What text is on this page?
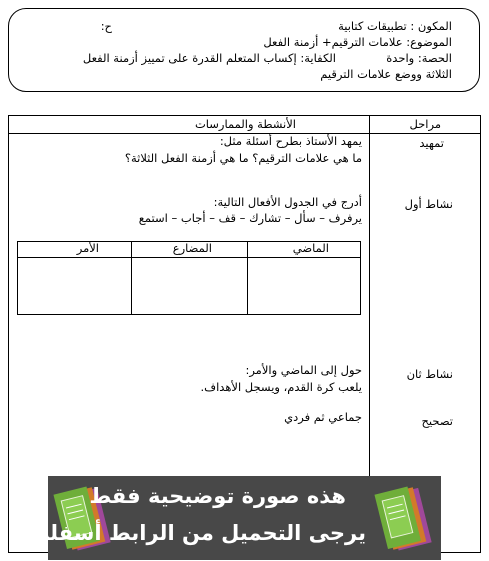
المكون : تطبيقات كتابية
ح:
الموضوع: علامات الترقيم+ أزمنة الفعل
الحصة: واحدة
الكفاية: إكساب المتعلم القدرة على تمييز أزمنة الفعل
الثلاثة ووضع علامات الترقيم
مراحل
الأنشطة والممارسات
تمهيد
يمهد الأستاذ بطرح أسئلة مثل:
ما هي علامات الترقيم؟ ما هي أزمنة الفعل الثلاثة؟
نشاط أول
أدرج في الجدول الأفعال التالية:
يرفرف – سأل – تشارك – قف – أجاب – استمع
الماضي
المضارع
الأمر
نشاط ثان
حول إلى الماضي والأمر:
يلعب كرة القدم، ويسجل الأهداف.
تصحيح
جماعي ثم فردي
هذه صورة توضيحية فقط
يرجى التحميل من الرابط أسفله
